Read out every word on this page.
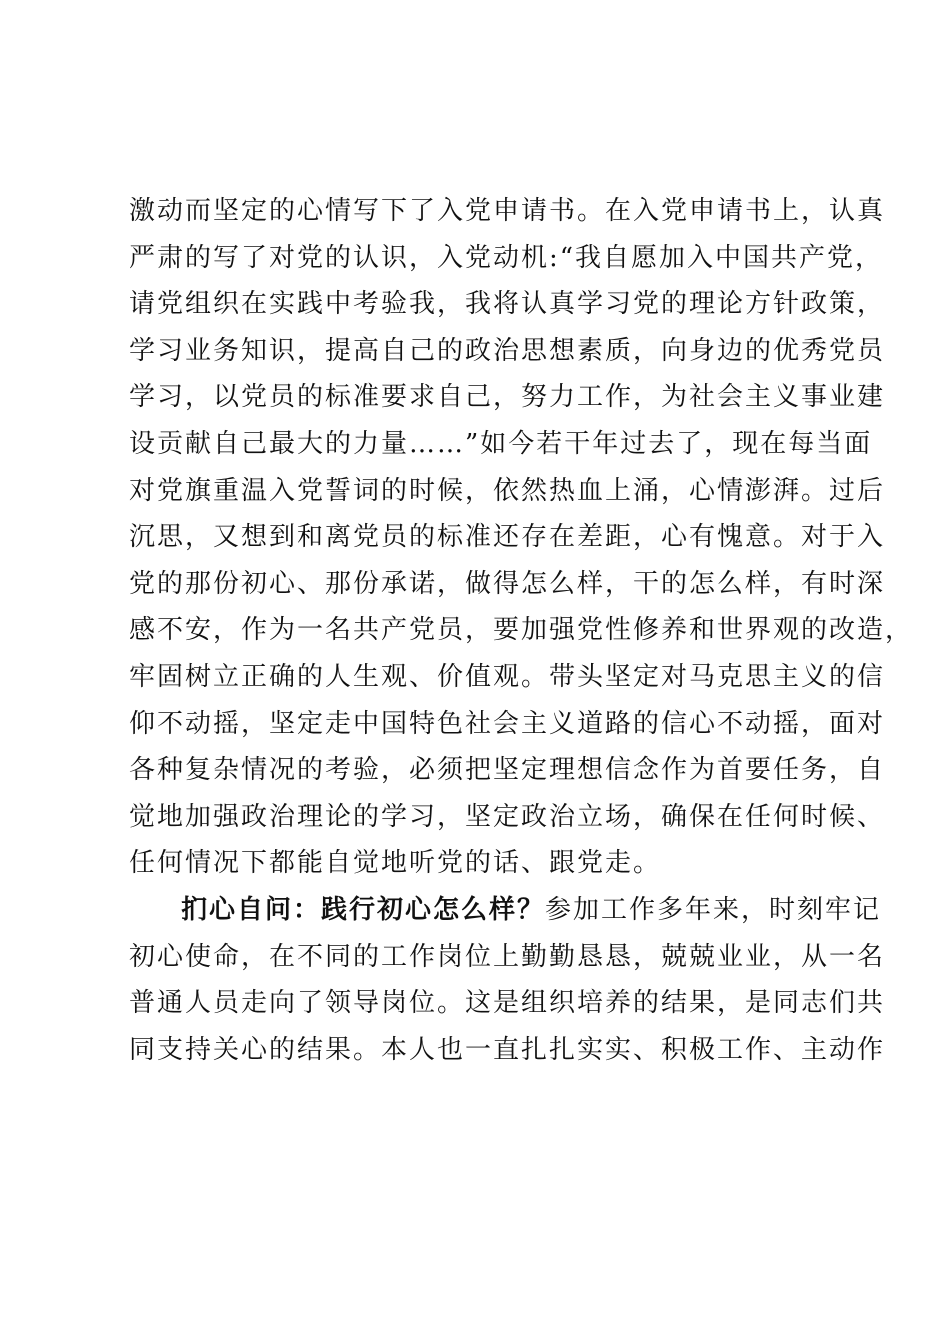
激动而坚定的心情写下了入党申请书。在入党申请书上，认真
严肃的写了对党的认识，入党动机:“我自愿加入中国共产党，
请党组织在实践中考验我，我将认真学习党的理论方针政策，
学习业务知识，提高自己的政治思想素质，向身边的优秀党员
学习，以党员的标准要求自己，努力工作，为社会主义事业建
设贡献自己最大的力量……”如今若干年过去了，现在每当面
对党旗重温入党誓词的时候，依然热血上涌，心情澎湃。过后
沉思，又想到和离党员的标准还存在差距，心有愧意。对于入
党的那份初心、那份承诺，做得怎么样，干的怎么样，有时深
感不安，作为一名共产党员，要加强党性修养和世界观的改造，
牢固树立正确的人生观、价值观。带头坚定对马克思主义的信
仰不动摇，坚定走中国特色社会主义道路的信心不动摇，面对
各种复杂情况的考验，必须把坚定理想信念作为首要任务，自
觉地加强政治理论的学习，坚定政治立场，确保在任何时候、
任何情况下都能自觉地听党的话、跟党走。
扪心自问：践行初心怎么样？参加工作多年来，时刻牢记
初心使命，在不同的工作岗位上勤勤恳恳，兢兢业业，从一名
普通人员走向了领导岗位。这是组织培养的结果，是同志们共
同支持关心的结果。本人也一直扎扎实实、积极工作、主动作
